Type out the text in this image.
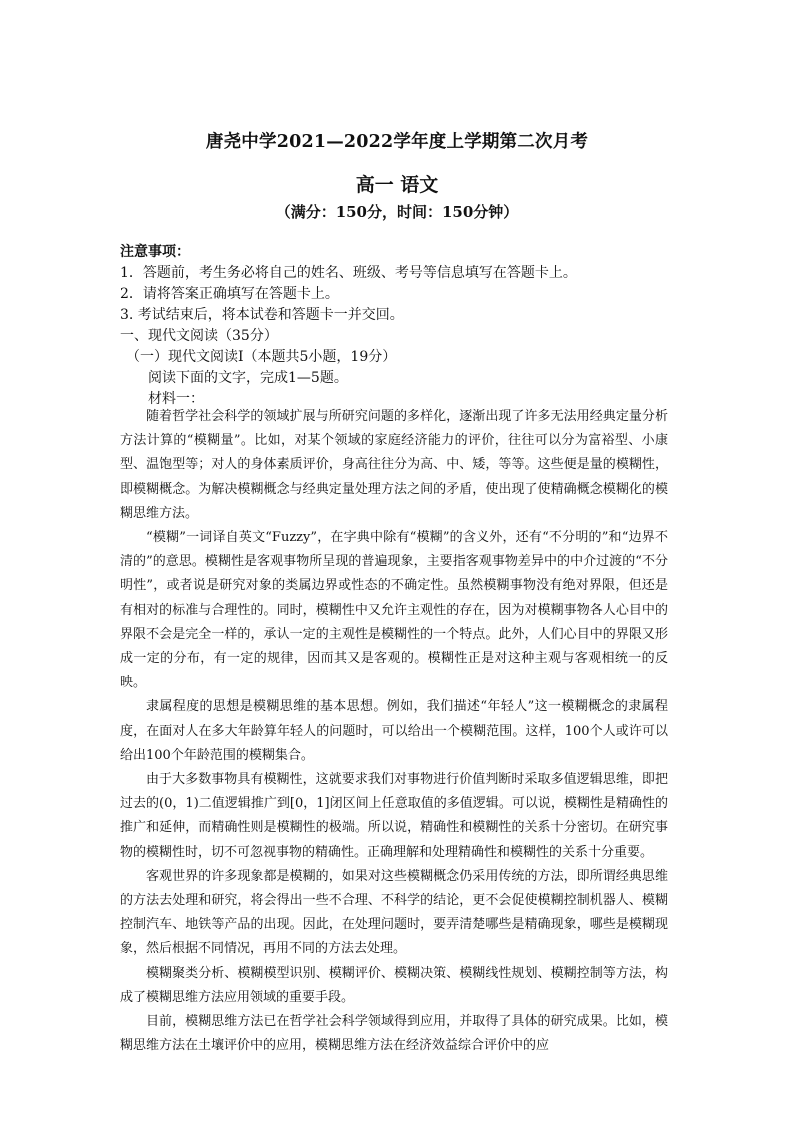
唐尧中学2021—2022学年度上学期第二次月考
高一 语文
（满分：150分，时间：150分钟）
注意事项：
1．答题前，考生务必将自己的姓名、班级、考号等信息填写在答题卡上。
2．请将答案正确填写在答题卡上。
3. 考试结束后，将本试卷和答题卡一并交回。
一、现代文阅读（35分）
（一）现代文阅读Ⅰ（本题共5小题，19分）
阅读下面的文字，完成1—5题。
材料一：

随着哲学社会科学的领域扩展与所研究问题的多样化，逐渐出现了许多无法用经典定量分析方法计算的“模糊量”。比如，对某个领域的家庭经济能力的评价，往往可以分为富裕型、小康型、温饱型等；对人的身体素质评价，身高往往分为高、中、矮，等等。这些便是量的模糊性，即模糊概念。为解决模糊概念与经典定量处理方法之间的矛盾，使出现了使精确概念模糊化的模糊思维方法。

“模糊”一词译自英文“Fuzzy”，在字典中除有“模糊”的含义外，还有“不分明的”和“边界不清的”的意思。模糊性是客观事物所呈现的普遍现象，主要指客观事物差异中的中介过渡的“不分明性”，或者说是研究对象的类属边界或性态的不确定性。虽然模糊事物没有绝对界限，但还是有相对的标准与合理性的。同时，模糊性中又允许主观性的存在，因为对模糊事物各人心目中的界限不会是完全一样的，承认一定的主观性是模糊性的一个特点。此外，人们心目中的界限又形成一定的分布，有一定的规律，因而其又是客观的。模糊性正是对这种主观与客观相统一的反映。

隶属程度的思想是模糊思维的基本思想。例如，我们描述“年轻人”这一模糊概念的隶属程度，在面对人在多大年龄算年轻人的问题时，可以给出一个模糊范围。这样，100个人或许可以给出100个年龄范围的模糊集合。

由于大多数事物具有模糊性，这就要求我们对事物进行价值判断时采取多值逻辑思维，即把过去的(0，1)二值逻辑推广到[0，1]闭区间上任意取值的多值逻辑。可以说，模糊性是精确性的推广和延伸，而精确性则是模糊性的极端。所以说，精确性和模糊性的关系十分密切。在研究事物的模糊性时，切不可忽视事物的精确性。正确理解和处理精确性和模糊性的关系十分重要。

客观世界的许多现象都是模糊的，如果对这些模糊概念仍采用传统的方法，即所谓经典思维的方法去处理和研究，将会得出一些不合理、不科学的结论，更不会促使模糊控制机器人、模糊控制汽车、地铁等产品的出现。因此，在处理问题时，要弄清楚哪些是精确现象，哪些是模糊现象，然后根据不同情况，再用不同的方法去处理。

模糊聚类分析、模糊模型识别、模糊评价、模糊决策、模糊线性规划、模糊控制等方法，构成了模糊思维方法应用领域的重要手段。

目前，模糊思维方法已在哲学社会科学领域得到应用，并取得了具体的研究成果。比如，模糊思维方法在土壤评价中的应用，模糊思维方法在经济效益综合评价中的应
